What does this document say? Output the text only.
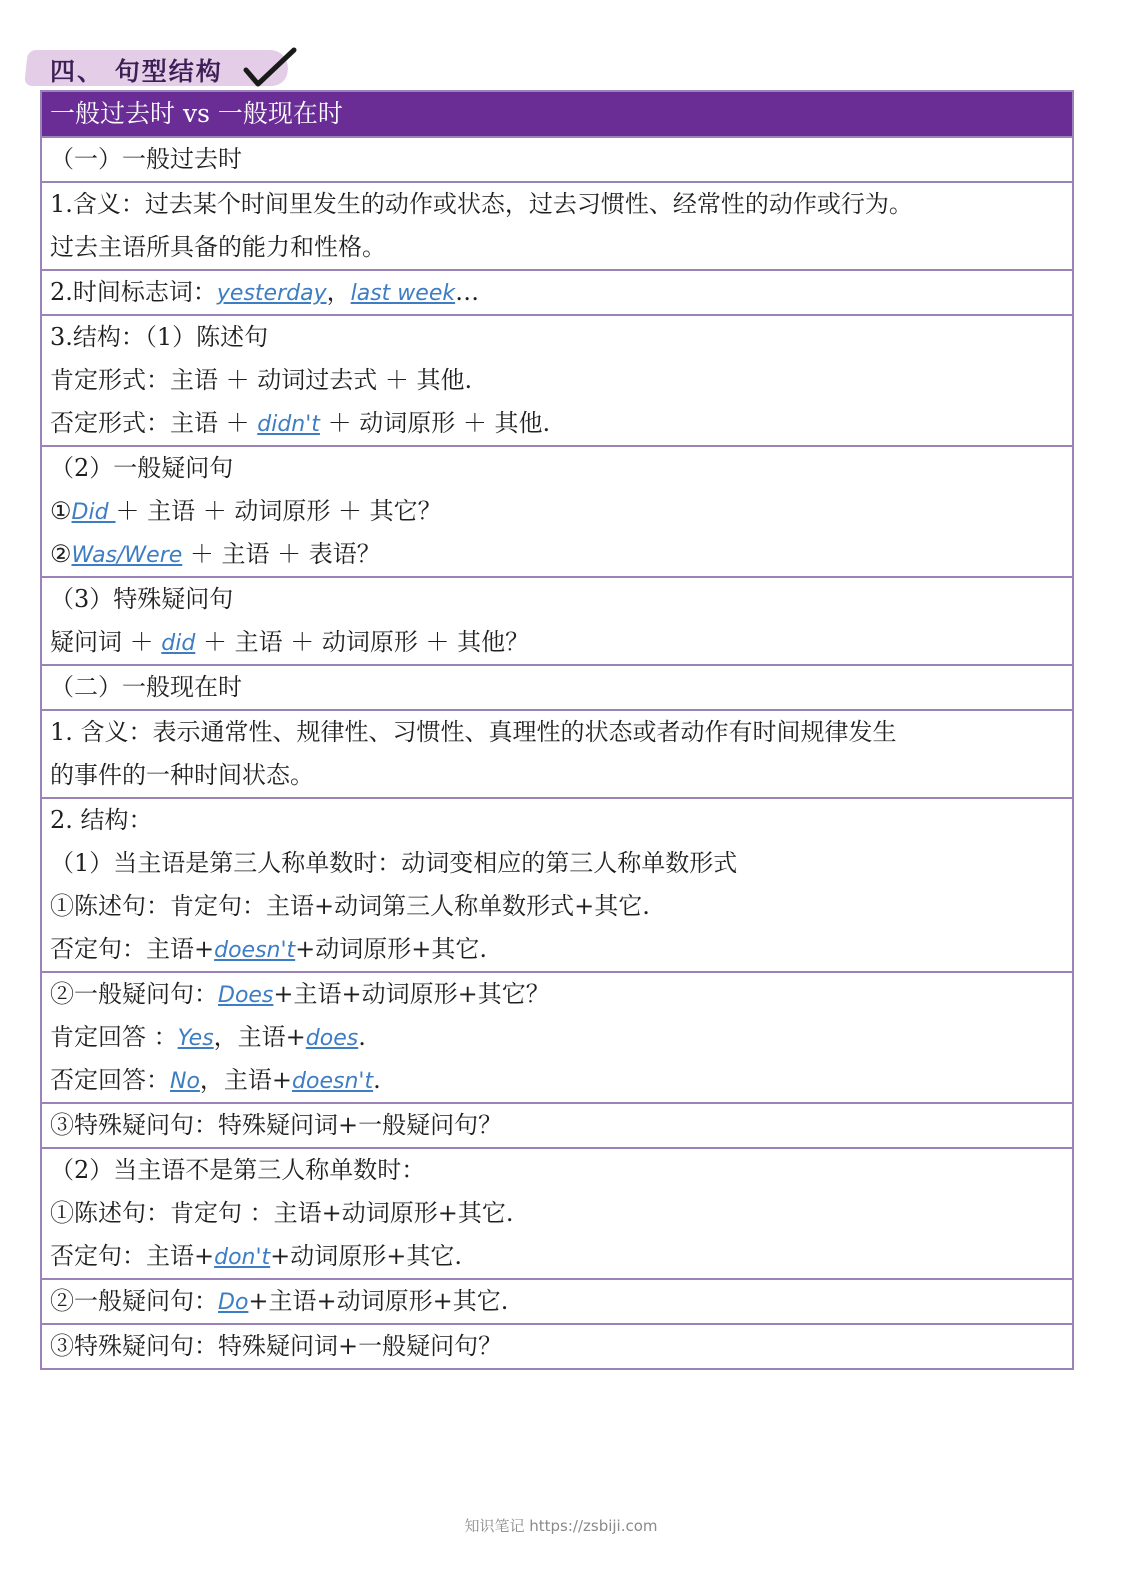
四、 句型结构
一般过去时 vs 一般现在时
（一）一般过去时
1.含义：过去某个时间里发生的动作或状态，过去习惯性、经常性的动作或行为。
过去主语所具备的能力和性格。
2.时间标志词：yesterday，last week…
3.结构：（1）陈述句
肯定形式：主语 ＋ 动词过去式 ＋ 其他.
否定形式：主语 ＋ didn't ＋ 动词原形 ＋ 其他.
（2）一般疑问句
①Did ＋ 主语 ＋ 动词原形 ＋ 其它？
②Was/Were ＋ 主语 ＋ 表语？
（3）特殊疑问句
疑问词 ＋ did ＋ 主语 ＋ 动词原形 ＋ 其他？
（二）一般现在时
1. 含义：表示通常性、规律性、习惯性、真理性的状态或者动作有时间规律发生
的事件的一种时间状态。
2. 结构：
（1）当主语是第三人称单数时：动词变相应的第三人称单数形式
①陈述句：肯定句：主语+动词第三人称单数形式+其它.
否定句：主语+doesn't+动词原形+其它.
②一般疑问句：Does+主语+动词原形+其它？
肯定回答 ：Yes，主语+does.
否定回答：No，主语+doesn't.
③特殊疑问句：特殊疑问词+一般疑问句？
（2）当主语不是第三人称单数时：
①陈述句：肯定句 ：主语+动词原形+其它.
否定句：主语+don't+动词原形+其它.
②一般疑问句：Do+主语+动词原形+其它.
③特殊疑问句：特殊疑问词+一般疑问句？
知识笔记 https://zsbiji.com
